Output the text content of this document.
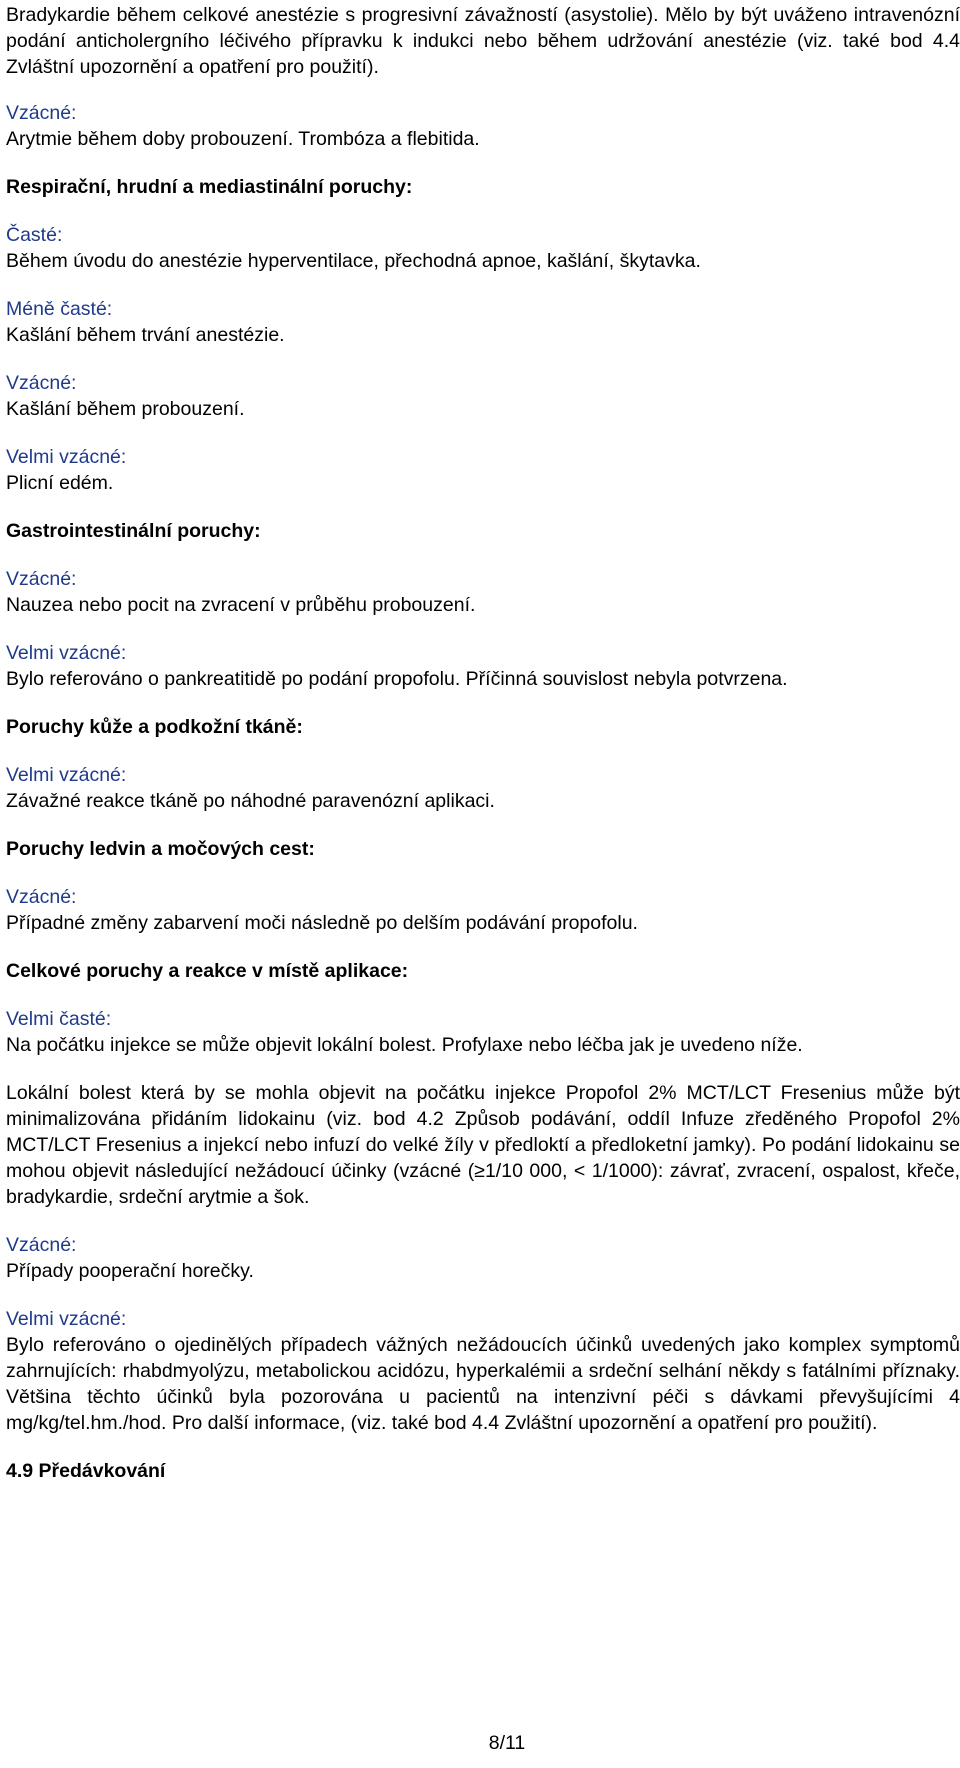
Bradykardie během celkové anestézie s progresivní závažností (asystolie). Mělo by být uváženo intravenózní podání anticholergního léčivého přípravku k indukci nebo během udržování anestézie (viz. také bod 4.4 Zvláštní upozornění a opatření pro použití).

Vzácné:
Arytmie během doby probouzení. Trombóza a flebitida.
Respirační, hrudní a mediastinální poruchy:
Časté:
Během úvodu do anestézie hyperventilace, přechodná apnoe, kašlání, škytavka.
Méně časté:
Kašlání během trvání anestézie.
Vzácné:
Kašlání během probouzení.
Velmi vzácné:
Plicní edém.
Gastrointestinální poruchy:
Vzácné:
Nauzea nebo pocit na zvracení v průběhu probouzení.
Velmi vzácné:
Bylo referováno o pankreatitidě po podání propofolu. Příčinná souvislost nebyla potvrzena.
Poruchy kůže a podkožní tkáně:
Velmi vzácné:
Závažné reakce tkáně po náhodné paravenózní aplikaci.
Poruchy ledvin a močových cest:
Vzácné:
Případné změny zabarvení moči následně po delším podávání propofolu.
Celkové poruchy a reakce v místě aplikace:
Velmi časté:
Na počátku injekce se může objevit lokální bolest. Profylaxe nebo léčba jak je uvedeno níže.

Lokální bolest která by se mohla objevit na počátku injekce Propofol 2% MCT/LCT Fresenius může být minimalizována přidáním lidokainu (viz. bod 4.2 Způsob podávání, oddíl Infuze zředěného Propofol 2% MCT/LCT Fresenius a injekcí nebo infuzí do velké žíly v předloktí a předloketní jamky). Po podání lidokainu se mohou objevit následující nežádoucí účinky (vzácné (≥1/10 000, < 1/1000): závrať, zvracení, ospalost, křeče, bradykardie, srdeční arytmie a šok.

Vzácné:
Případy pooperační horečky.
Velmi vzácné:
Bylo referováno o ojedinělých případech vážných nežádoucích účinků uvedených jako komplex symptomů zahrnujících: rhabdmyolýzu, metabolickou acidózu, hyperkalémii a srdeční selhání někdy s fatálními příznaky. Většina těchto účinků byla pozorována u pacientů na intenzivní péči s dávkami převyšujícími 4 mg/kg/tel.hm./hod. Pro další informace, (viz. také bod 4.4 Zvláštní upozornění a opatření pro použití).
4.9 Předávkování
8/11
